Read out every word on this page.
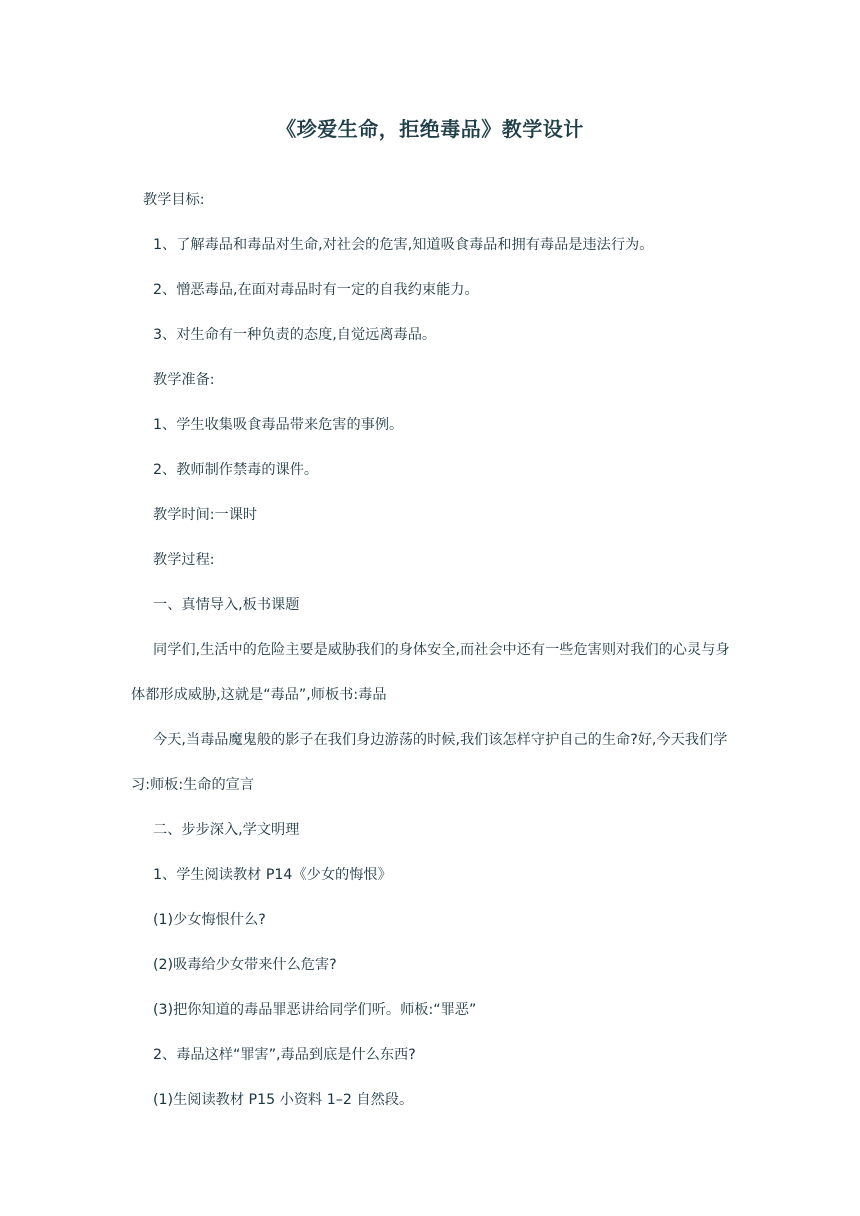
《珍爱生命，拒绝毒品》教学设计

教学目标:

1、了解毒品和毒品对生命,对社会的危害,知道吸食毒品和拥有毒品是违法行为。

2、憎恶毒品,在面对毒品时有一定的自我约束能力。

3、对生命有一种负责的态度,自觉远离毒品。

教学准备:

1、学生收集吸食毒品带来危害的事例。

2、教师制作禁毒的课件。

教学时间:一课时

教学过程:

一、真情导入,板书课题

同学们,生活中的危险主要是威胁我们的身体安全,而社会中还有一些危害则对我们的心灵与身体都形成威胁,这就是“毒品”,师板书:毒品

今天,当毒品魔鬼般的影子在我们身边游荡的时候,我们该怎样守护自己的生命?好,今天我们学习:师板:生命的宣言

二、步步深入,学文明理

1、学生阅读教材 P14《少女的悔恨》

(1)少女悔恨什么?

(2)吸毒给少女带来什么危害?

(3)把你知道的毒品罪恶讲给同学们听。师板:“罪恶”

2、毒品这样“罪害”,毒品到底是什么东西?

(1)生阅读教材 P15 小资料 1–2 自然段。
